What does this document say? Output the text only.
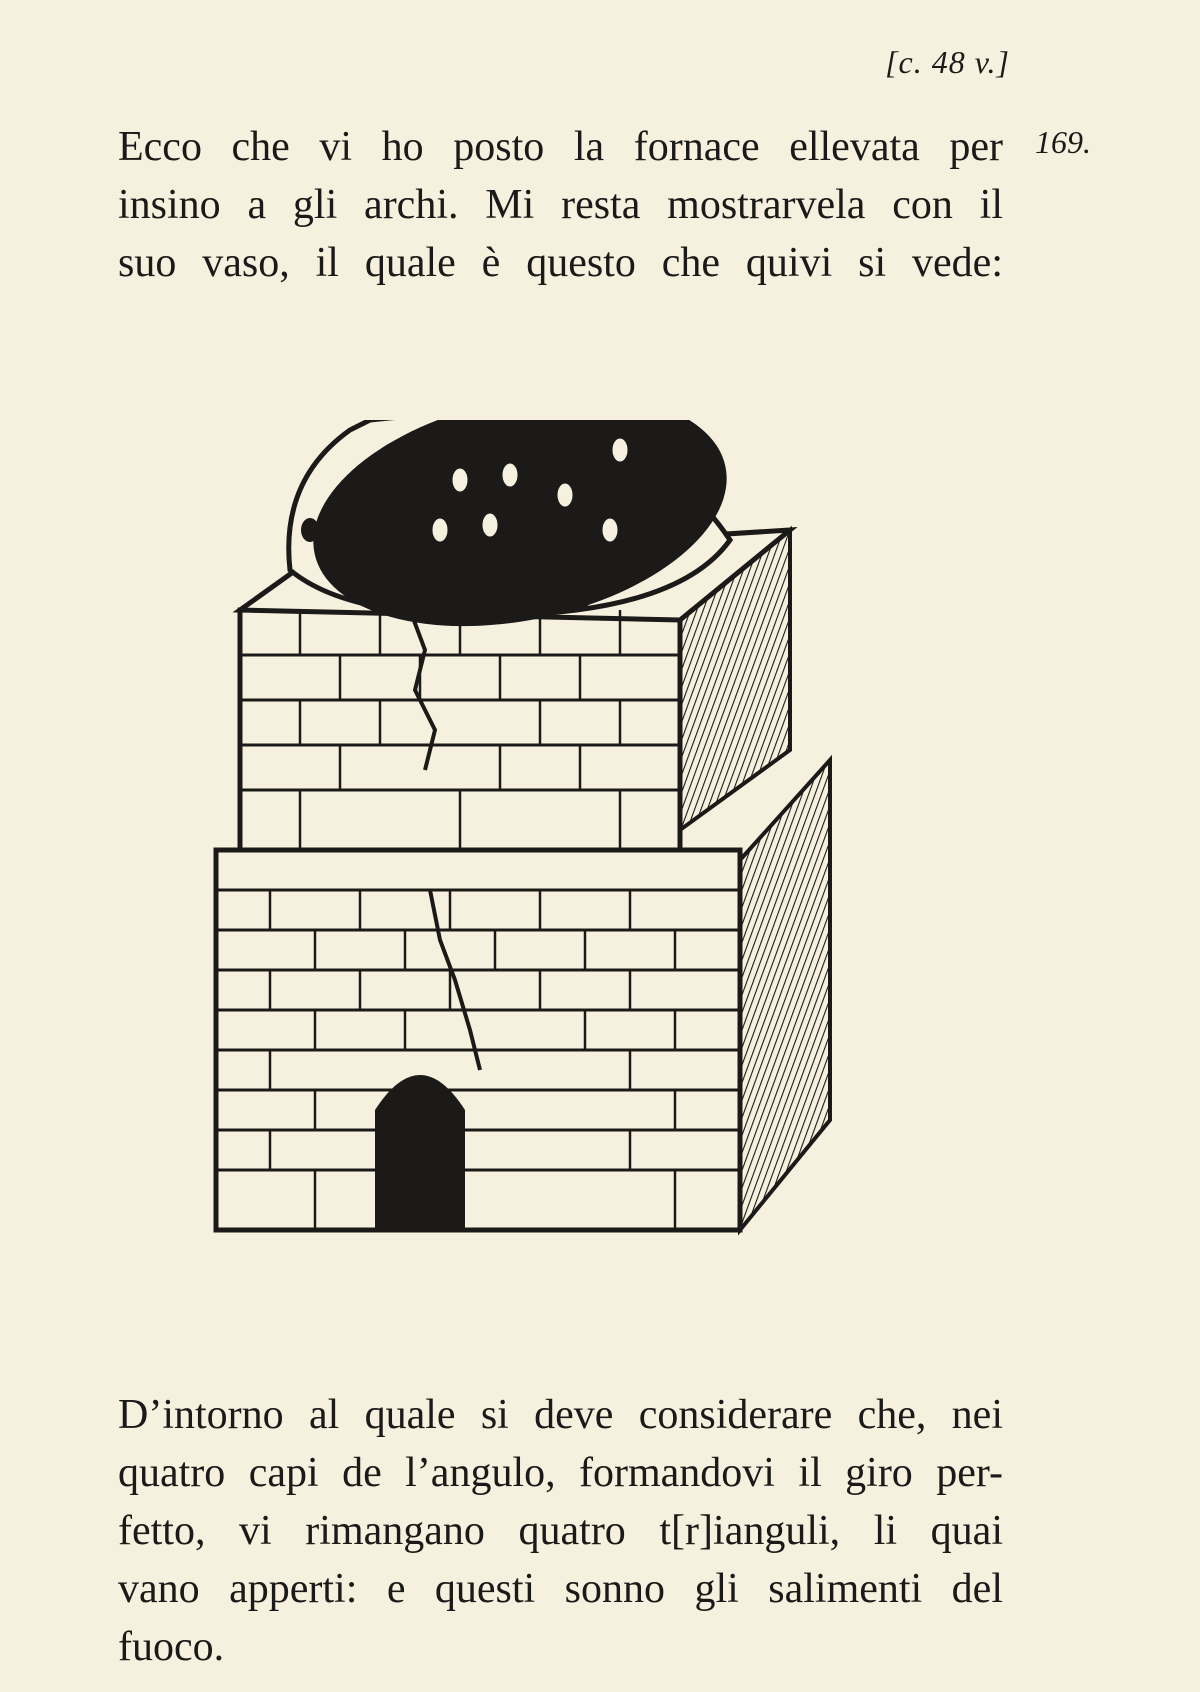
[c. 48 v.]
169.
Ecco che vi ho posto la fornace ellevata per
insino a gli archi. Mi resta mostrarvela con il
suo vaso, il quale è questo che quivi si vede:
D’intorno al quale si deve considerare che, nei
quatro capi de l’angulo, formandovi il giro per-
fetto, vi rimangano quatro t[r]ianguli, li quai
vano apperti: e questi sonno gli salimenti del
fuoco.
